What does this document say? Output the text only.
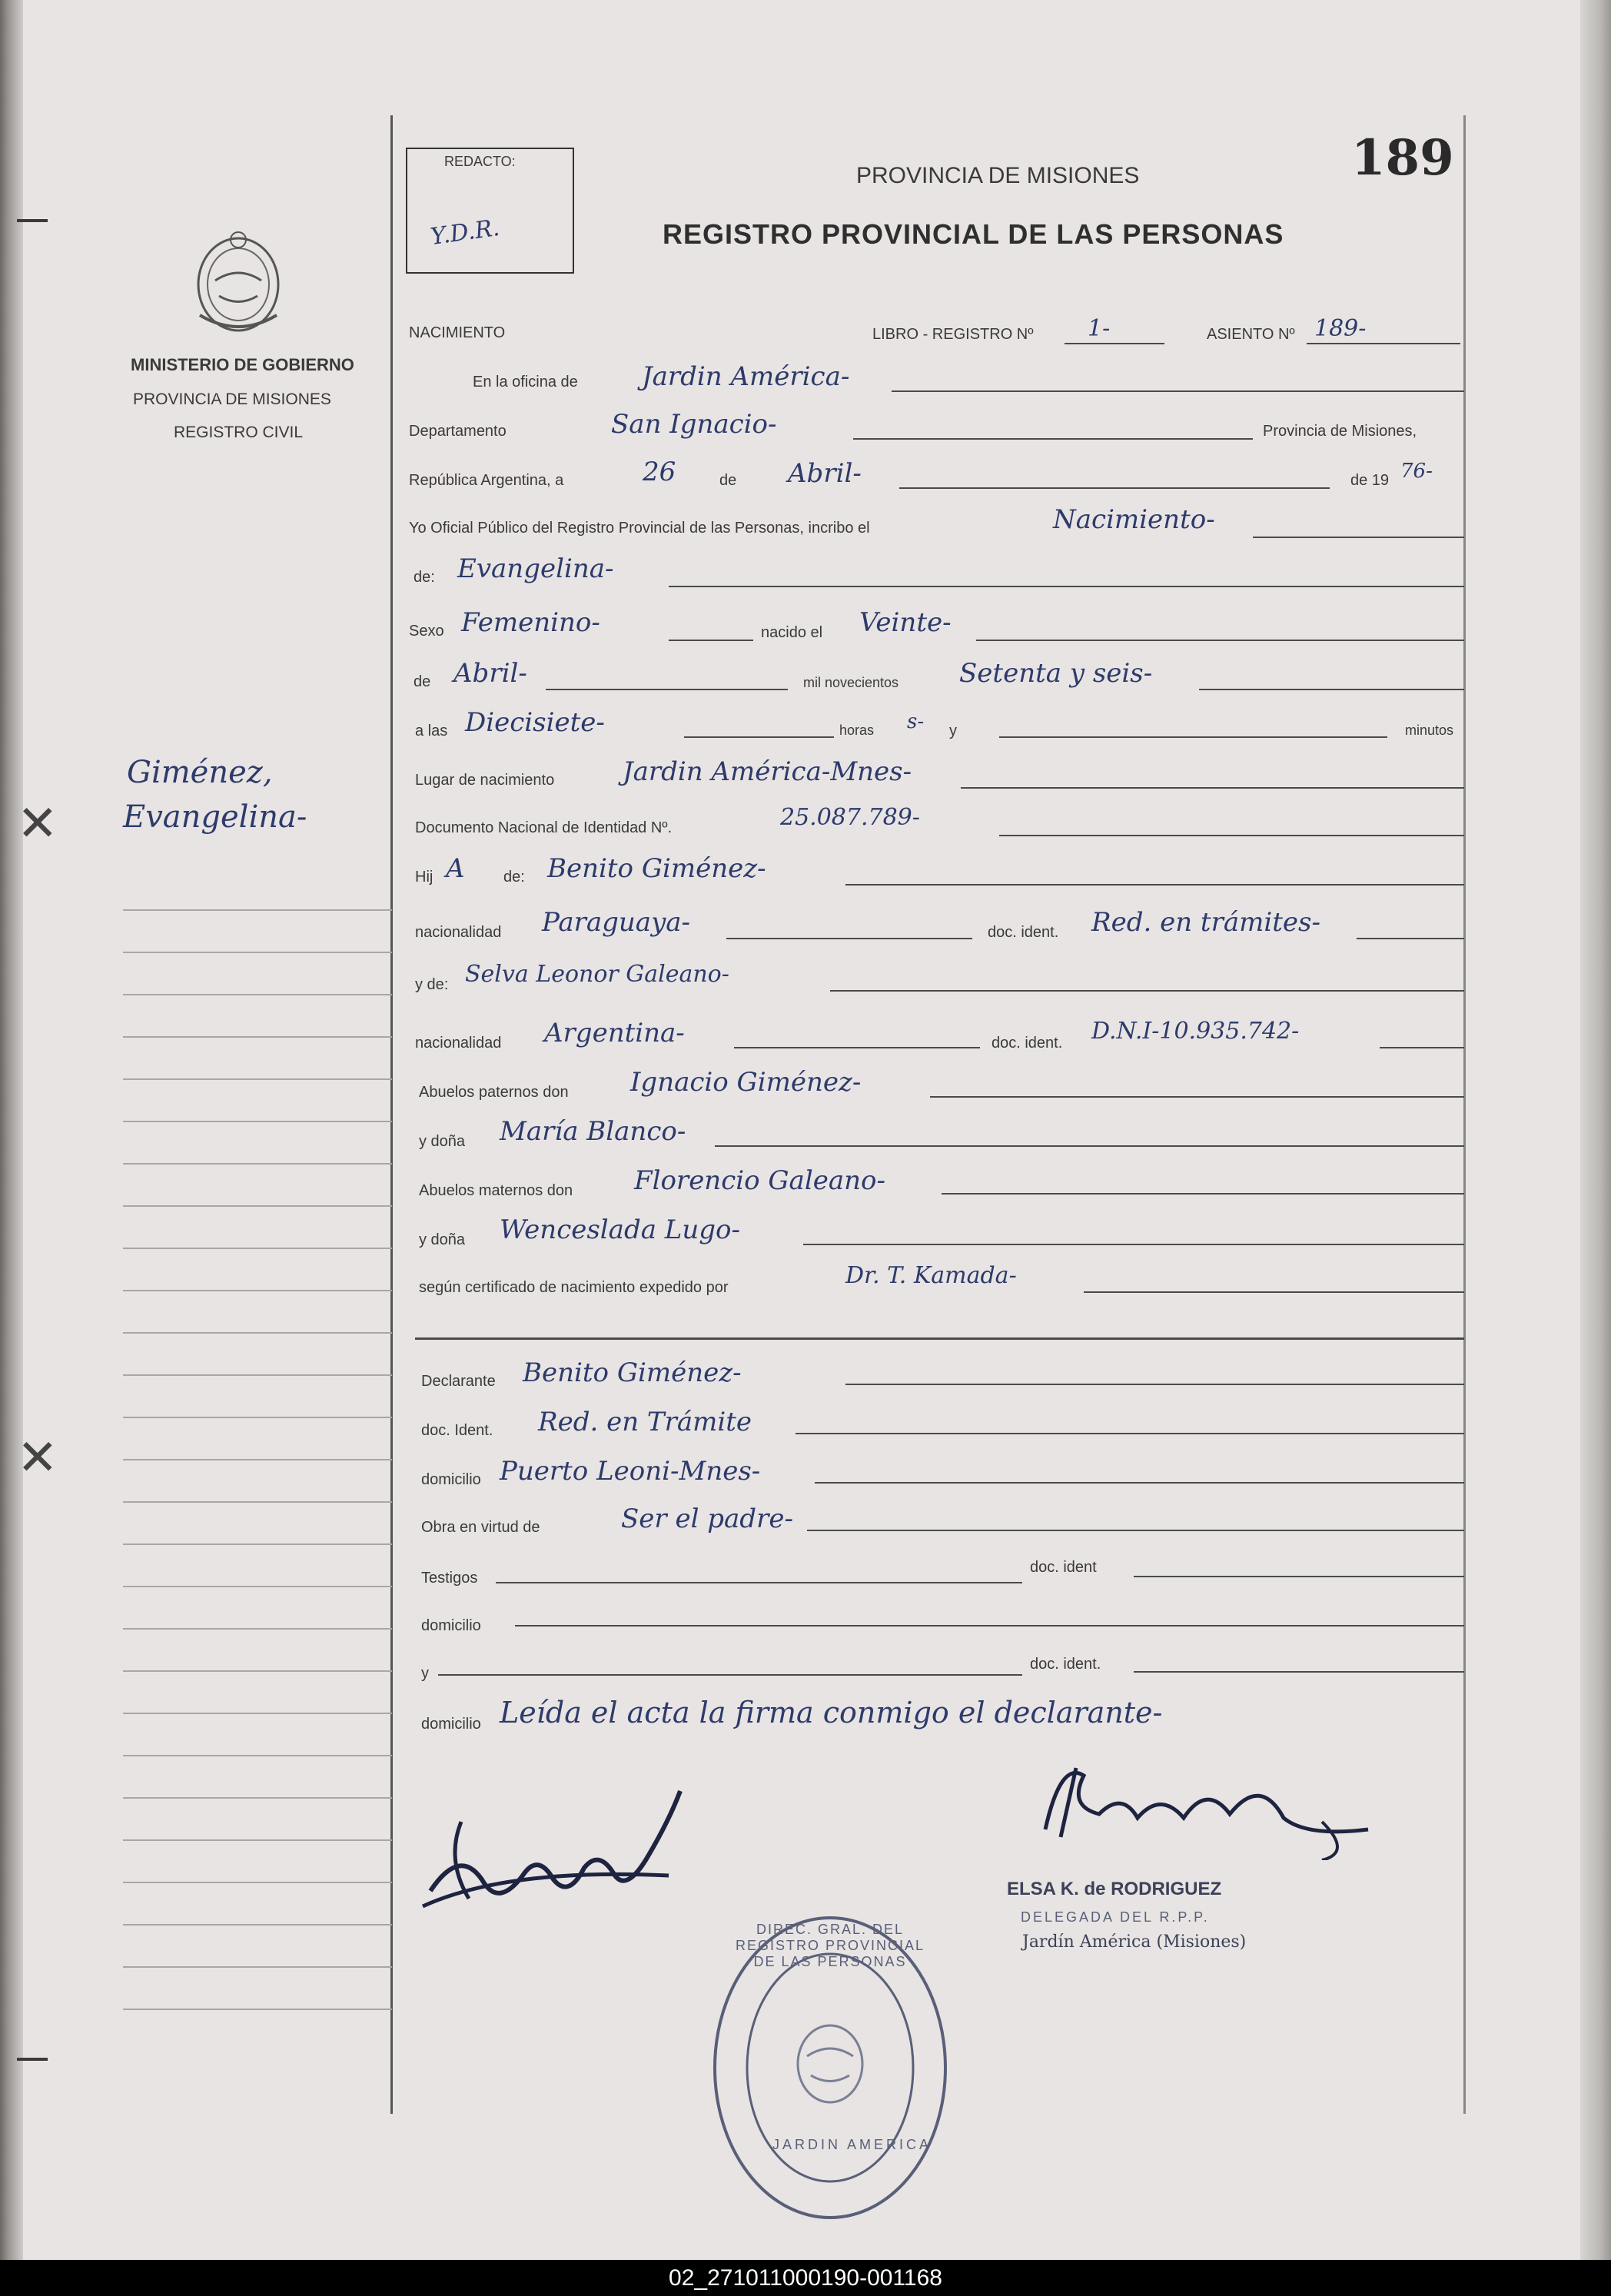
✕
✕
MINISTERIO DE GOBIERNO
PROVINCIA DE MISIONES
REGISTRO CIVIL
Giménez,
Evangelina-
REDACTO:
Y.D.R.
PROVINCIA DE MISIONES	189
REGISTRO PROVINCIAL DE LAS PERSONAS
NACIMIENTO	LIBRO - REGISTRO Nº 1-	ASIENTO Nº 189-
En la oficina de Jardin América-
Departamento	San Ignacio-	Provincia de Misiones,
República Argentina, a	26	de Abril-	de 19 76-
Yo Oficial Público del Registro Provincial de las Personas, incribo el	Nacimiento-
de: Evangelina-
Sexo Femenino-	nacido el Veinte-
de Abril-	mil novecientos Setenta y seis-
a las Diecisiete-	horas s- y	minutos
Lugar de nacimiento	Jardin América-Mnes-
Documento Nacional de Identidad Nº.	25.087.789-
Hij A	de: Benito Giménez-
nacionalidad Paraguaya-	doc. ident. Red. en trámites-
y de: Selva Leonor Galeano-
nacionalidad Argentina-	doc. ident. D.N.I-10.935.742-
Abuelos paternos don Ignacio Giménez-
y doña María Blanco-
Abuelos maternos don Florencio Galeano-
y doña Wenceslada Lugo-
según certificado de nacimiento expedido por	Dr. T. Kamada-
Declarante Benito Giménez-
doc. Ident. Red. en Trámite
domicilio Puerto Leoni-Mnes-
Obra en virtud de	Ser el padre-
Testigos
doc. ident
domicilio
y
doc. ident.
domicilio Leída el acta la firma conmigo el declarante-
ELSA K. de RODRIGUEZ
DELEGADA DEL R.P.P.
Jardín América (Misiones)
DIREC. GRAL. DEL REGISTRO PROVINCIAL DE LAS PERSONAS
JARDIN AMERICA
02_271011000190-001168
